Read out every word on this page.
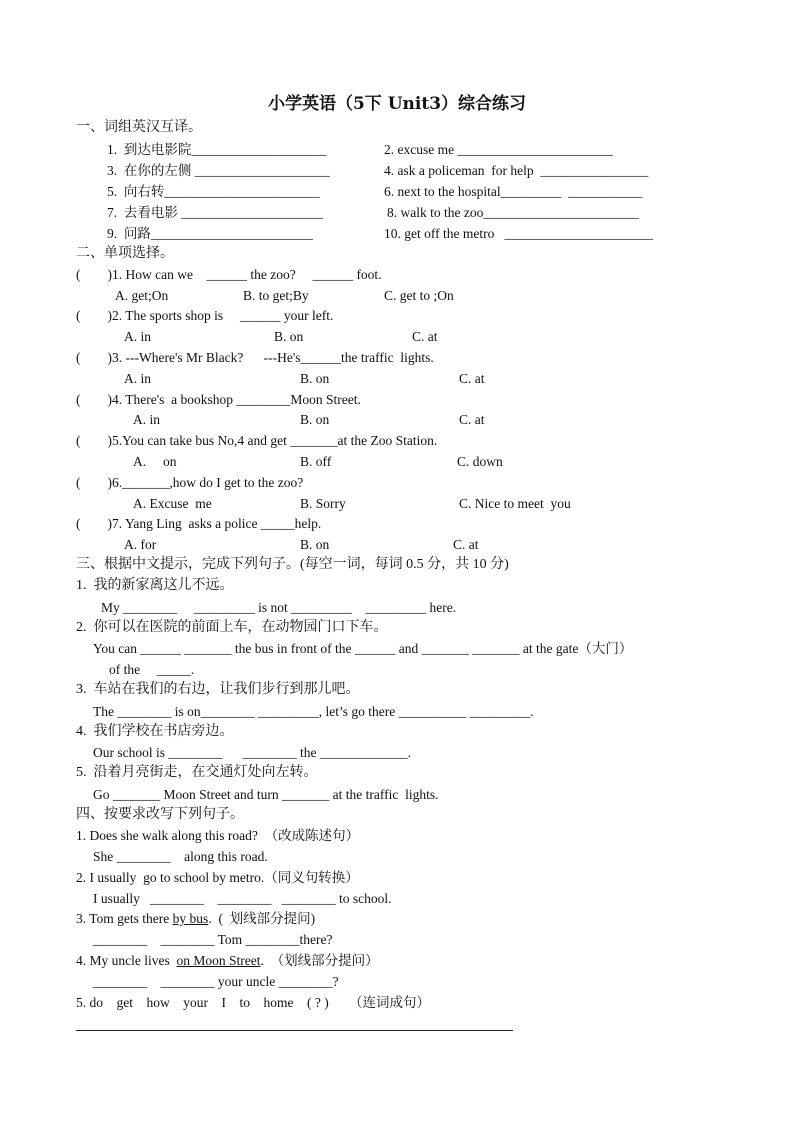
小学英语（5下 Unit3）综合练习
一、词组英汉互译。
1.  到达电影院____________________	2. excuse me _______________________
3.  在你的左侧 ____________________	4. ask a policeman  for help  ________________
5.  向右转_______________________	6. next to the hospital_________  ___________
7.  去看电影 _____________________	8. walk to the zoo_______________________
9.  问路________________________	10. get off the metro   ______________________
二、单项选择。
(        )1. How can we    ______ the zoo?     ______ foot.
A. get;On	B. to get;By	C. get to ;On
(        )2. The sports shop is     ______ your left.
A. in	B. on	C. at
(        )3. ---Where's Mr Black?      ---He's______the traffic  lights.
A. in	B. on	C. at
(        )4. There's  a bookshop ________Moon Street.
A. in	B. on	C. at
(        )5.You can take bus No,4 and get _______at the Zoo Station.
A.     on	B. off	C. down
(        )6._______,how do I get to the zoo?
A. Excuse  me	B. Sorry	C. Nice to meet  you
(        )7. Yang Ling  asks a police _____help.
A. for	B. on	C. at
三、根据中文提示，完成下列句子。(每空一词，每词 0.5 分，共 10 分)
1.  我的新家离这儿不远。
My ________     _________ is not _________    _________ here.
2.  你可以在医院的前面上车，在动物园门口下车。
You can ______ _______ the bus in front of the ______ and _______ _______ at the gate（大门）
of the     _____.
3.  车站在我们的右边，让我们步行到那儿吧。
The ________ is on________ _________, let’s go there __________ _________.
4.  我们学校在书店旁边。
Our school is ________      ________ the _____________.
5.  沿着月亮街走，在交通灯处向左转。
Go _______ Moon Street and turn _______ at the traffic  lights.
四、按要求改写下列句子。
1. Does she walk along this road?  （改成陈述句）
She ________    along this road.
2. I usually  go to school by metro.（同义句转换）
I usually   ________    ________   ________ to school.
3. Tom gets there by bus.  (  划线部分提问)
________    ________ Tom ________there?
4. My uncle lives  on Moon Street.  （划线部分提问）
________    ________ your uncle ________?
5. do    get    how    your    I    to    home    ( ? )      （连词成句）
